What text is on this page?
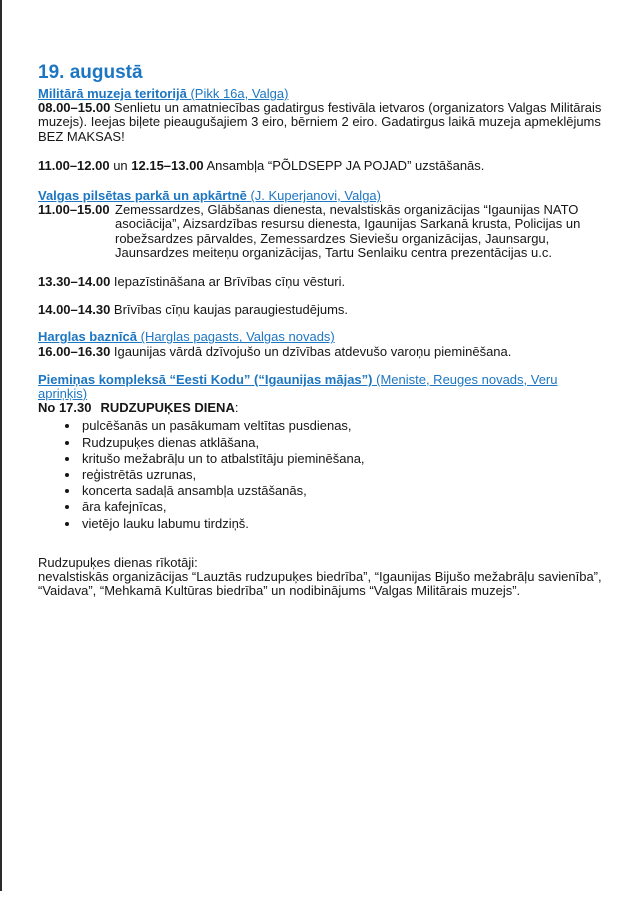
19. augustā

Militārā muzeja teritorijā (Pikk 16a, Valga)

08.00–15.00 Senlietu un amatniecības gadatirgus festivāla ietvaros (organizators Valgas Militārais muzejs). Ieejas biļete pieaugušajiem 3 eiro, bērniem 2 eiro. Gadatirgus laikā muzeja apmeklējums BEZ MAKSAS!

11.00–12.00 un 12.15–13.00 Ansambļa “PÕLDSEPP JA POJAD” uzstāšanās.

Valgas pilsētas parkā un apkārtnē (J. Kuperjanovi, Valga)

11.00–15.00 Zemessardzes, Glābšanas dienesta, nevalstiskās organizācijas “Igaunijas NATO asociācija”, Aizsardzības resursu dienesta, Igaunijas Sarkanā krusta, Policijas un robežsardzes pārvaldes, Zemessardzes Sieviešu organizācijas, Jaunsargu, Jaunsardzes meiteņu organizācijas, Tartu Senlaiku centra prezentācijas u.c.

13.30–14.00 Iepazīstināšana ar Brīvības cīņu vēsturi.

14.00–14.30 Brīvības cīņu kaujas paraugiestudējums.

Harglas baznīcā (Harglas pagasts, Valgas novads)

16.00–16.30 Igaunijas vārdā dzīvojušo un dzīvības atdevušo varoņu pieminēšana.

Piemiņas kompleksā “Eesti Kodu” (“Igaunijas mājas”) (Meniste, Reuges novads, Veru apriņķis)

No 17.30 RUDZUPUĶES DIENA:

• pulcēšanās un pasākumam veltītas pusdienas,
• Rudzupuķes dienas atklāšana,
• kritušo mežabrāļu un to atbalstītāju pieminēšana,
• reģistrētās uzrunas,
• koncerta sadaļā ansambļa uzstāšanās,
• āra kafejnīcas,
• vietējo lauku labumu tirdziņš.

Rudzupuķes dienas rīkotāji:

nevalstiskās organizācijas “Lauztās rudzupuķes biedrība”, “Igaunijas Bijušo mežabrāļu savienība”, “Vaidava”, “Mehkamā Kultūras biedrība” un nodibinājums “Valgas Militārais muzejs”.
